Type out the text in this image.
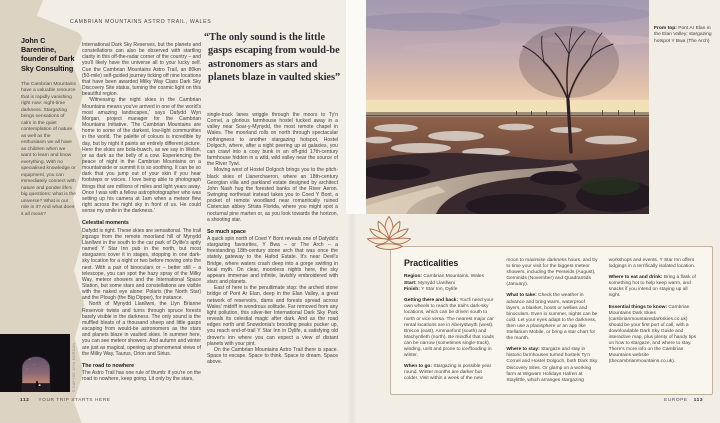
CAMBRIAN MOUNTAINS ASTRO TRAIL, WALES
John C Barentine, founder of Dark Sky Consulting
The Cambrian Mountains have a valuable resource that is rapidly vanishing right now: night-time darkness. Stargazing brings sensations of calm in the quiet contemplation of nature as well as the enthusiasm we all have as children when we want to learn and know everything. With no specialised knowledge or equipment, you can immediately connect with nature and ponder life's big questions: what is the universe? What is our role in it? And what does it all mean?

International Dark Sky Reserves, but the planets and constellations can also be observed with startling clarity in this off-the-radar corner of the country – and you'll likely have the universe all to your lucky self. Cue the Cambrian Mountains Astro Trail, an 80km (50-mile) self-guided journey ticking off nine locations that have been awarded Milky Way Class Dark Sky Discovery Site status, turning the cosmic light on this beautiful region.

'Witnessing the night skies in the Cambrian Mountains means you've arrived in one of the world's most amazing landscapes,' says Dafydd Wyn Morgan, project manager for the Cambrian Mountains Initiative. 'The Cambrian Mountains are home to some of the darkest, low-light communities in the world. The palette of colours is incredible by day, but by night it paints an entirely different picture. Here the skies are bola-buwch, as we say in Welsh, or as dark as the belly of a cow. Experiencing the peace of night in the Cambrian Mountains on a mountainside or summit it is so soothing. It can be so dark that you jump out of your skin if you hear footsteps or voices. I love being able to photograph things that are millions of miles and light years away. Once I was with a fellow astrophotographer who was setting up his camera at 1am when a meteor flew right across the night sky in front of us. He could sense my smile in the darkness.'

Celestial moments

Dafydd is right. These skies are sensational. The trail zigzags from the remote moorland hill of Mynydd Llanllwni in the south to the car park of Dylife's aptly named Y Star Inn pub in the north, but most stargazers cover it in stages, stopping in one dark-sky location for a night or two before moving onto the next. With a pair of binoculars or – better still – a telescope, you can spot the hazy spray of the Milky Way, meteor showers and the International Space Station, but some stars and constellations are visible with the naked eye alone: Polaris (the North Star) and the Plough (the Big Dipper), for instance.

North of Mynydd Llanllwni, the Llyn Brianne Reservoir twists and turns through spruce forests barely visible in the darkness. The only sound is the muffled bleats of a thousand sheep and little gasps escaping from would-be astronomers as the stars and planets blaze in vaulted skies. In summer here, you can see meteor showers. And autumn and winter are just as magical, opening up phenomenal views of the Milky Way, Taurus, Orion and Sirius.

The road to nowhere

The Astro Trail has one rule of thumb: if you're on the road to nowhere, keep going. Lit only by the stars,

“The only sound is the little gasps escaping from would-be astronomers as stars and planets blaze in vaulted skies”

single-track lanes wriggle through the moors to Ty'n Cornel, a glorious farmhouse hostel tucked away in a valley near Soar-y-Mynydd, the most remote chapel in Wales. The moorland rolls on north through spectacular nothingness to another stargazing hotspot, Hostel Dolgoch, where, after a night peering up at galaxies, you can crawl into a cosy bunk in an off-grid 17th-century farmhouse hidden in a wild, wild valley near the source of the River Tywi.

Moving west of Hostel Dolgoch brings you to the pitch-black skies of Llanerchaeron, where an 18th-century Georgian villa and parkland estate designed by architect John Nash hug the forested banks of the River Aeron. Swinging northeast instead takes you to Coed Y Bont, a pocket of remote woodland near romantically ruined Cistercian abbey Strata Florida, where you might spot a nocturnal pine marten or, as you look towards the horizon, a shooting star.

So much space

A quick spin north of Coed Y Bont reveals one of Dafydd's stargazing favourites, Y Bwa – or The Arch – a freestanding 18th-century stone arch that was once the stately gateway to the Hafod Estate. It's near Devil's Bridge, where waters crash deep into a gorge swirling in local myth. On clear, moonless nights here, the sky appears immense and infinite, lavishly embroidered with stars and planets.

East of here is the penultimate stop: the arched stone bridge of Pont Ar Elan, deep in the Elan Valley, a great network of reservoirs, dams and forests spread across Wales' midriff in wondrous solitude. Far removed from any light pollution, this silver-tier International Dark Sky Park reveals its celestial magic after dark. And as the road edges north and Snowdonia's brooding peaks pucker up, you reach end-of-trail Y Star Inn in Dylife, a satisfying old drover's inn where you can expect a view of distant planets with your pint.

On the Cambrian Mountains Astro Trail there is space. Space to escape. Space to think. Space to dream. Space above.

© DAFYDD WYN MORGAN
From top: Pont Ar Elan in the Elan Valley; stargazing hotspot Y Bwa (The Arch)
Practicalities
Region: Cambrian Mountains, Wales
Start: Mynydd Llanllwni
Finish: Y Star Inn, Dylife

Getting there and back: You'll need your own wheels to reach the trail's dark-sky locations, which can be driven south to north or vice versa. The nearest major car rental locations are in Aberystwyth (west), Brecon (east), Ammanford (south) and Machynlleth (north). Be mindful that roads can be narrow (sometimes single-track), winding, unlit and prone to ice/flooding in winter.

When to go: Stargazing is possible year round. Winter months are darker but colder. Visit within a week of the new moon to maximise darkness hours, and try to time your visit for the biggest meteor showers, including the Perseids (August), Geminids (November) and Quadrantids (January).

What to take: Check the weather in advance and bring warm, waterproof layers, a blanket, boots or wellies and binoculars. Even in summer, nights can be cold. Let your eyes adapt to the darkness, then use a planisphere or an app like Stellarium Mobile, or bring a star chart for the month.

Where to stay: Stargaze and stay in historic farmhouses turned hostels Ty'n Cornel and Hostel Dolgoch, both Dark Sky Discovery Sites. Or glamp on a working farm at Wigwam Holidays Hafren at Staylittle, which arranges stargazing workshops and events. Y Star Inn offers lodgings in a terrifically isolated location.

Where to eat and drink: Bring a flask of something hot to help keep warm, and snacks if you intend on staying up all night.

Essential things to know: Cambrian Mountains Dark Skies (cambrianmountainsdarkskies.co.uk) should be your first port of call, with a downloadable Dark Sky Guide and interactive map, plus plenty of handy tips on how to stargaze, and where to stay. There's more info on the Cambrian Mountains website (thecambrianmountains.co.uk).

112 YOUR TRIP STARTS HERE	EUROPE 113
